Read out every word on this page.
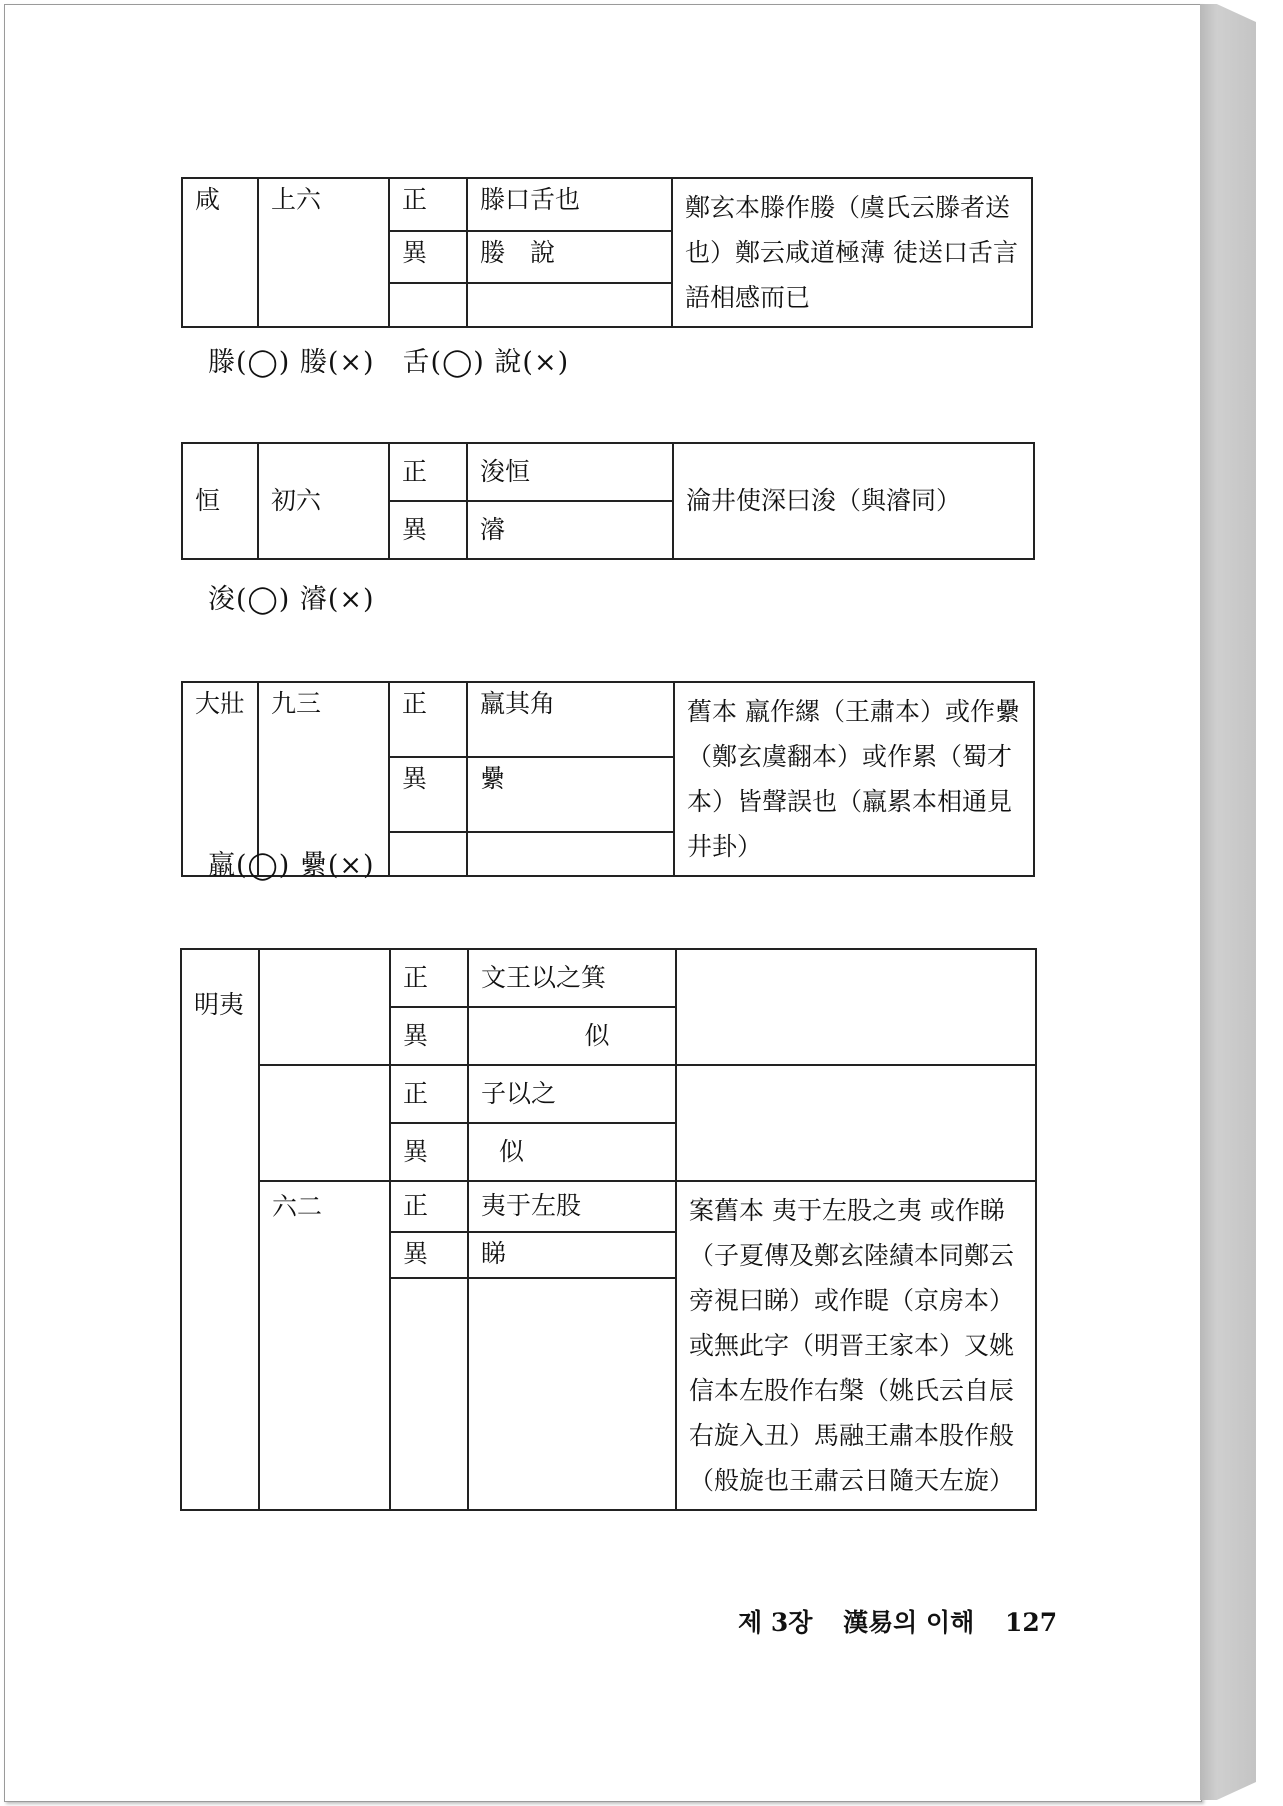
咸	上六	正	滕口舌也	鄭玄本滕作媵（虞氏云滕者送也）鄭云咸道極薄 徒送口舌言語相感而已
		異	媵　說	

滕(◯) 媵(×)　舌(◯) 說(×)
恒	初六	正	浚恒	淪井使深曰浚（與濬同）
		異	濬	
浚(◯) 濬(×)
大壯	九三	正	羸其角	舊本 羸作縲（王肅本）或作纍（鄭玄虞翻本）或作累（蜀才本）皆聲誤也（羸累本相通見井卦）
		異	纍	

羸(◯) 纍(×)
明夷		正	文王以之箕	
		異	似	
		正	子以之	
		異	似	

	六二	正	夷于左股	案舊本 夷于左股之夷 或作睇（子夏傳及鄭玄陸績本同鄭云旁視曰睇）或作睼（京房本）或無此字（明晋王家本）又姚信本左股作右槃（姚氏云自辰右旋入丑）馬融王肅本股作般（般旋也王肅云日隨天左旋）
		異	睇	

제 3장 漢易의 이해 127
